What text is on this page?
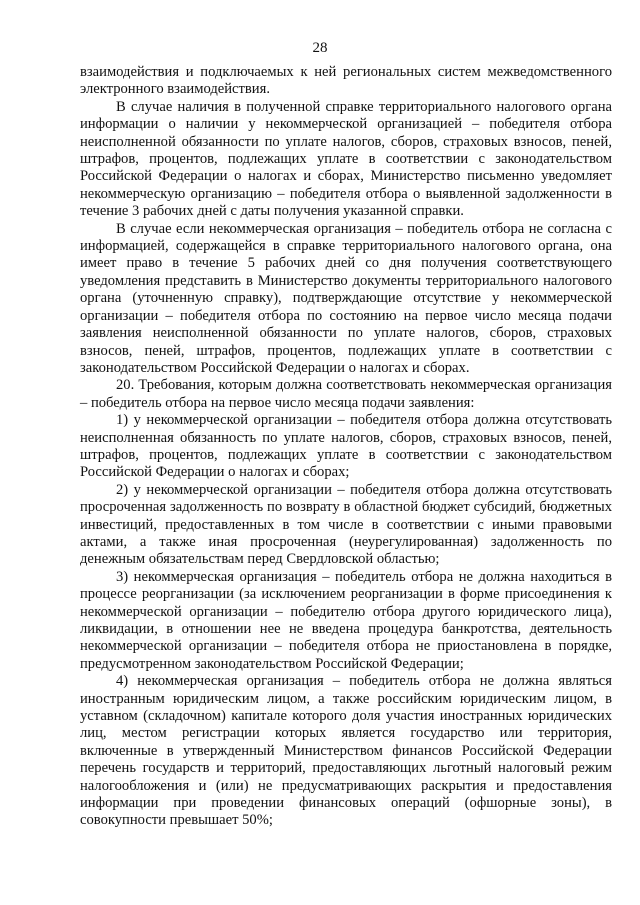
28

взаимодействия и подключаемых к ней региональных систем межведомственного электронного взаимодействия.

В случае наличия в полученной справке территориального налогового органа информации о наличии у некоммерческой организацией – победителя отбора неисполненной обязанности по уплате налогов, сборов, страховых взносов, пеней, штрафов, процентов, подлежащих уплате в соответствии с законодательством Российской Федерации о налогах и сборах, Министерство письменно уведомляет некоммерческую организацию – победителя отбора о выявленной задолженности в течение 3 рабочих дней с даты получения указанной справки.

В случае если некоммерческая организация – победитель отбора не согласна с информацией, содержащейся в справке территориального налогового органа, она имеет право в течение 5 рабочих дней со дня получения соответствующего уведомления представить в Министерство документы территориального налогового органа (уточненную справку), подтверждающие отсутствие у некоммерческой организации – победителя отбора по состоянию на первое число месяца подачи заявления неисполненной обязанности по уплате налогов, сборов, страховых взносов, пеней, штрафов, процентов, подлежащих уплате в соответствии с законодательством Российской Федерации о налогах и сборах.

20. Требования, которым должна соответствовать некоммерческая организация – победитель отбора на первое число месяца подачи заявления:

1) у некоммерческой организации – победителя отбора должна отсутствовать неисполненная обязанность по уплате налогов, сборов, страховых взносов, пеней, штрафов, процентов, подлежащих уплате в соответствии с законодательством Российской Федерации о налогах и сборах;

2) у некоммерческой организации – победителя отбора должна отсутствовать просроченная задолженность по возврату в областной бюджет субсидий, бюджетных инвестиций, предоставленных в том числе в соответствии с иными правовыми актами, а также иная просроченная (неурегулированная) задолженность по денежным обязательствам перед Свердловской областью;

3) некоммерческая организация – победитель отбора не должна находиться в процессе реорганизации (за исключением реорганизации в форме присоединения к некоммерческой организации – победителю отбора другого юридического лица), ликвидации, в отношении нее не введена процедура банкротства, деятельность некоммерческой организации – победителя отбора не приостановлена в порядке, предусмотренном законодательством Российской Федерации;

4) некоммерческая организация – победитель отбора не должна являться иностранным юридическим лицом, а также российским юридическим лицом, в уставном (складочном) капитале которого доля участия иностранных юридических лиц, местом регистрации которых является государство или территория, включенные в утвержденный Министерством финансов Российской Федерации перечень государств и территорий, предоставляющих льготный налоговый режим налогообложения и (или) не предусматривающих раскрытия и предоставления информации при проведении финансовых операций (офшорные зоны), в совокупности превышает 50%;
